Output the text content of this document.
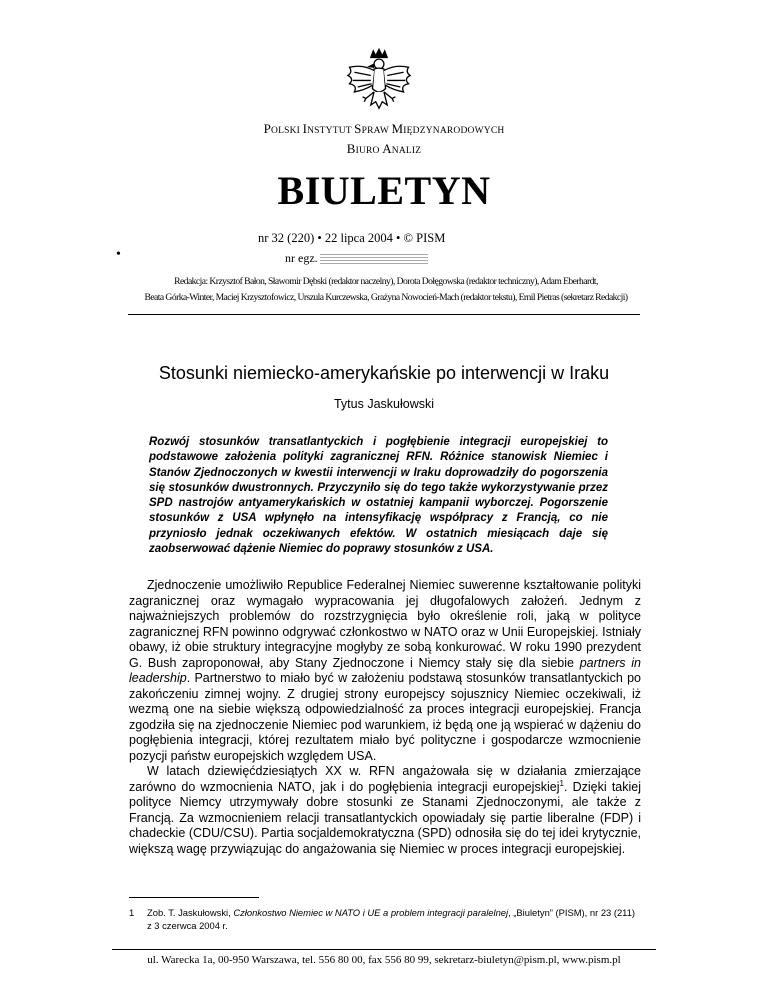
POLSKI INSTYTUT SPRAW MIĘDZYNARODOWYCH
BIURO ANALIZ
BIULETYN
nr 32 (220) • 22 lipca 2004 • © PISM
•	nr egz.
Redakcja: Krzysztof Bałon, Sławomir Dębski (redaktor naczelny), Dorota Dołęgowska (redaktor techniczny), Adam Eberhardt,
Beata Górka-Winter, Maciej Krzysztofowicz, Urszula Kurczewska, Grażyna Nowocień-Mach (redaktor tekstu), Ernil Pietras (sekretarz Redakcji)
Stosunki niemiecko-amerykańskie po interwencji w Iraku
Tytus Jaskułowski

Rozwój stosunków transatlantyckich i pogłębienie integracji europejskiej to podstawowe założenia polityki zagranicznej RFN. Różnice stanowisk Niemiec i Stanów Zjednoczonych w kwestii interwencji w Iraku doprowadziły do pogorszenia się stosunków dwustronnych. Przyczyniło się do tego także wykorzystywanie przez SPD nastrojów antyamerykańskich w ostatniej kampanii wyborczej. Pogorszenie stosunków z USA wpłynęło na intensyfikację współpracy z Francją, co nie przyniosło jednak oczekiwanych efektów. W ostatnich miesiącach daje się zaobserwować dążenie Niemiec do poprawy stosunków z USA.

Zjednoczenie umożliwiło Republice Federalnej Niemiec suwerenne kształtowanie polityki zagranicznej oraz wymagało wypracowania jej długofalowych założeń. Jednym z najważniejszych problemów do rozstrzygnięcia było określenie roli, jaką w polityce zagranicznej RFN powinno odgrywać członkostwo w NATO oraz w Unii Europejskiej. Istniały obawy, iż obie struktury integracyjne mogłyby ze sobą konkurować. W roku 1990 prezydent G. Bush zaproponował, aby Stany Zjednoczone i Niemcy stały się dla siebie partners in leadership. Partnerstwo to miało być w założeniu podstawą stosunków transatlantyckich po zakończeniu zimnej wojny. Z drugiej strony europejscy sojusznicy Niemiec oczekiwali, iż wezmą one na siebie większą odpowiedzialność za proces integracji europejskiej. Francja zgodziła się na zjednoczenie Niemiec pod warunkiem, iż będą one ją wspierać w dążeniu do pogłębienia integracji, której rezultatem miało być polityczne i gospodarcze wzmocnienie pozycji państw europejskich względem USA.

W latach dziewięćdziesiątych XX w. RFN angażowała się w działania zmierzające zarówno do wzmocnienia NATO, jak i do pogłębienia integracji europejskiej$^1$. Dzięki takiej polityce Niemcy utrzymywały dobre stosunki ze Stanami Zjednoczonymi, ale także z Francją. Za wzmocnieniem relacji transatlantyckich opowiadały się partie liberalne (FDP) i chadeckie (CDU/CSU). Partia socjaldemokratyczna (SPD) odnosiła się do tej idei krytycznie, większą wagę przywiązując do angażowania się Niemiec w proces integracji europejskiej.

1	Zob. T. Jaskułowski, Członkostwo Niemiec w NATO i UE a problem integracji paralelnej, „Biuletyn” (PISM), nr 23 (211) z 3 czerwca 2004 r.
ul. Warecka 1a, 00-950 Warszawa, tel. 556 80 00, fax 556 80 99, sekretarz-biuletyn@pism.pl, www.pism.pl
